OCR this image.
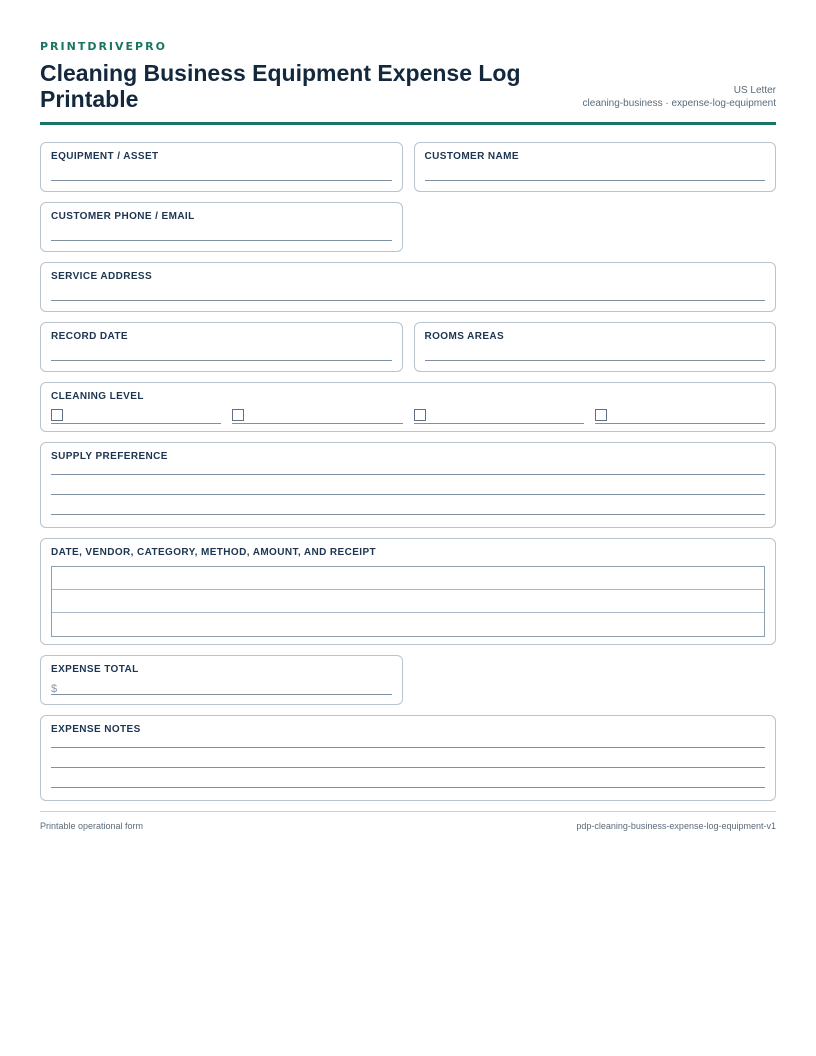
PRINTDRIVEPRO
Cleaning Business Equipment Expense Log Printable	US Letter
cleaning-business · expense-log-equipment
EQUIPMENT / ASSET	CUSTOMER NAME
CUSTOMER PHONE / EMAIL
SERVICE ADDRESS
RECORD DATE	ROOMS AREAS
CLEANING LEVEL
SUPPLY PREFERENCE
DATE, VENDOR, CATEGORY, METHOD, AMOUNT, AND RECEIPT
EXPENSE TOTAL
$
EXPENSE NOTES
Printable operational form	pdp-cleaning-business-expense-log-equipment-v1
